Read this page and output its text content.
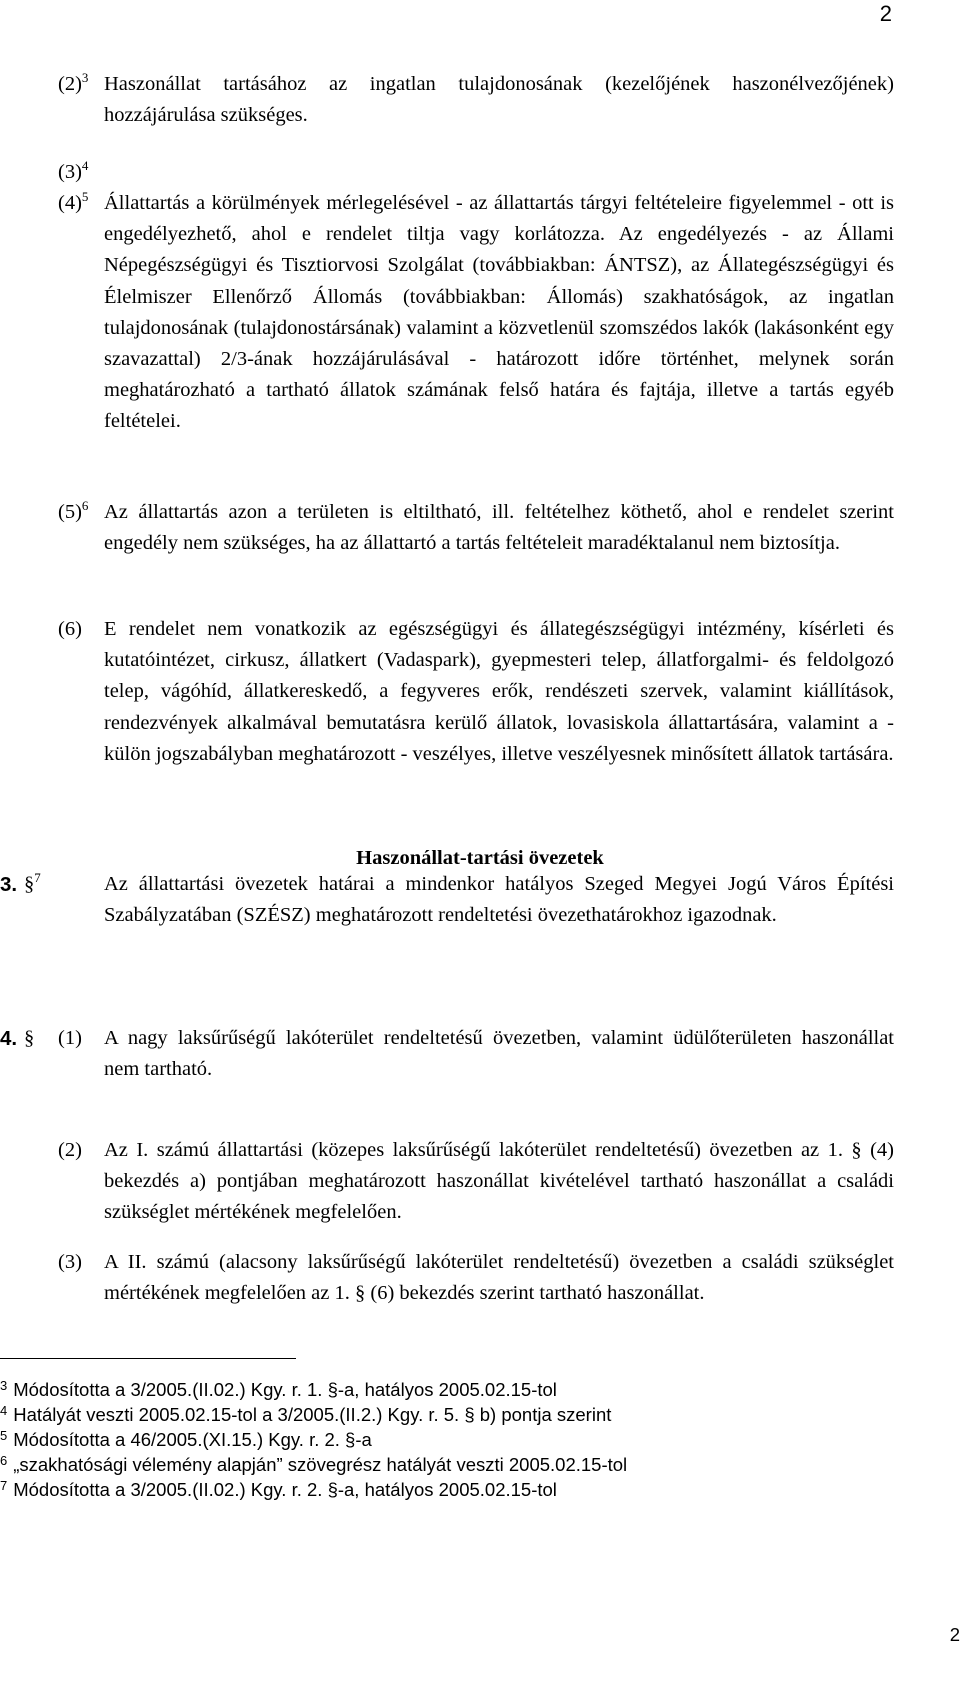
2
$(2)^3$ Haszonállat tartásához az ingatlan tulajdonosának (kezelőjének haszonélvezőjének) hozzájárulása szükséges.
$(3)^4$
$(4)^5$ Állattartás a körülmények mérlegelésével - az állattartás tárgyi feltételeire figyelemmel - ott is engedélyezhető, ahol e rendelet tiltja vagy korlátozza. Az engedélyezés - az Állami Népegészségügyi és Tisztiorvosi Szolgálat (továbbiakban: ÁNTSZ), az Állategészségügyi és Élelmiszer Ellenőrző Állomás (továbbiakban: Állomás) szakhatóságok, az ingatlan tulajdonosának (tulajdonostársának) valamint a közvetlenül szomszédos lakók (lakásonként egy szavazattal) 2/3-ának hozzájárulásával - határozott időre történhet, melynek során meghatározható a tartható állatok számának felső határa és fajtája, illetve a tartás egyéb feltételei.
$(5)^6$ Az állattartás azon a területen is eltiltható, ill. feltételhez köthető, ahol e rendelet szerint engedély nem szükséges, ha az állattartó a tartás feltételeit maradéktalanul nem biztosítja.
(6) E rendelet nem vonatkozik az egészségügyi és állategészségügyi intézmény, kísérleti és kutatóintézet, cirkusz, állatkert (Vadaspark), gyepmesteri telep, állatforgalmi- és feldolgozó telep, vágóhíd, állatkereskedő, a fegyveres erők, rendészeti szervek, valamint kiállítások, rendezvények alkalmával bemutatásra kerülő állatok, lovasiskola állattartására, valamint a - külön jogszabályban meghatározott - veszélyes, illetve veszélyesnek minősített állatok tartására.
Haszonállat-tartási övezetek
3. §$^7$	Az állattartási övezetek határai a mindenkor hatályos Szeged Megyei Jogú Város Építési Szabályzatában (SZÉSZ) meghatározott rendeltetési övezethatárokhoz igazodnak.
4. § (1) A nagy laksűrűségű lakóterület rendeltetésű övezetben, valamint üdülőterületen haszonállat nem tartható.
(2) Az I. számú állattartási (közepes laksűrűségű lakóterület rendeltetésű) övezetben az 1. § (4) bekezdés a) pontjában meghatározott haszonállat kivételével tartható haszonállat a családi szükséglet mértékének megfelelően.
(3) A II. számú (alacsony laksűrűségű lakóterület rendeltetésű) övezetben a családi szükséglet mértékének megfelelően az 1. § (6) bekezdés szerint tartható haszonállat.
$^3$ Módosította a 3/2005.(II.02.) Kgy. r. 1. §-a, hatályos 2005.02.15-tol
$^4$ Hatályát veszti 2005.02.15-tol a 3/2005.(II.2.) Kgy. r. 5. § b) pontja szerint
$^5$ Módosította a 46/2005.(XI.15.) Kgy. r. 2. §-a
$^6$ „szakhatósági vélemény alapján” szövegrész hatályát veszti 2005.02.15-tol
$^7$ Módosította a 3/2005.(II.02.) Kgy. r. 2. §-a, hatályos 2005.02.15-tol
2
